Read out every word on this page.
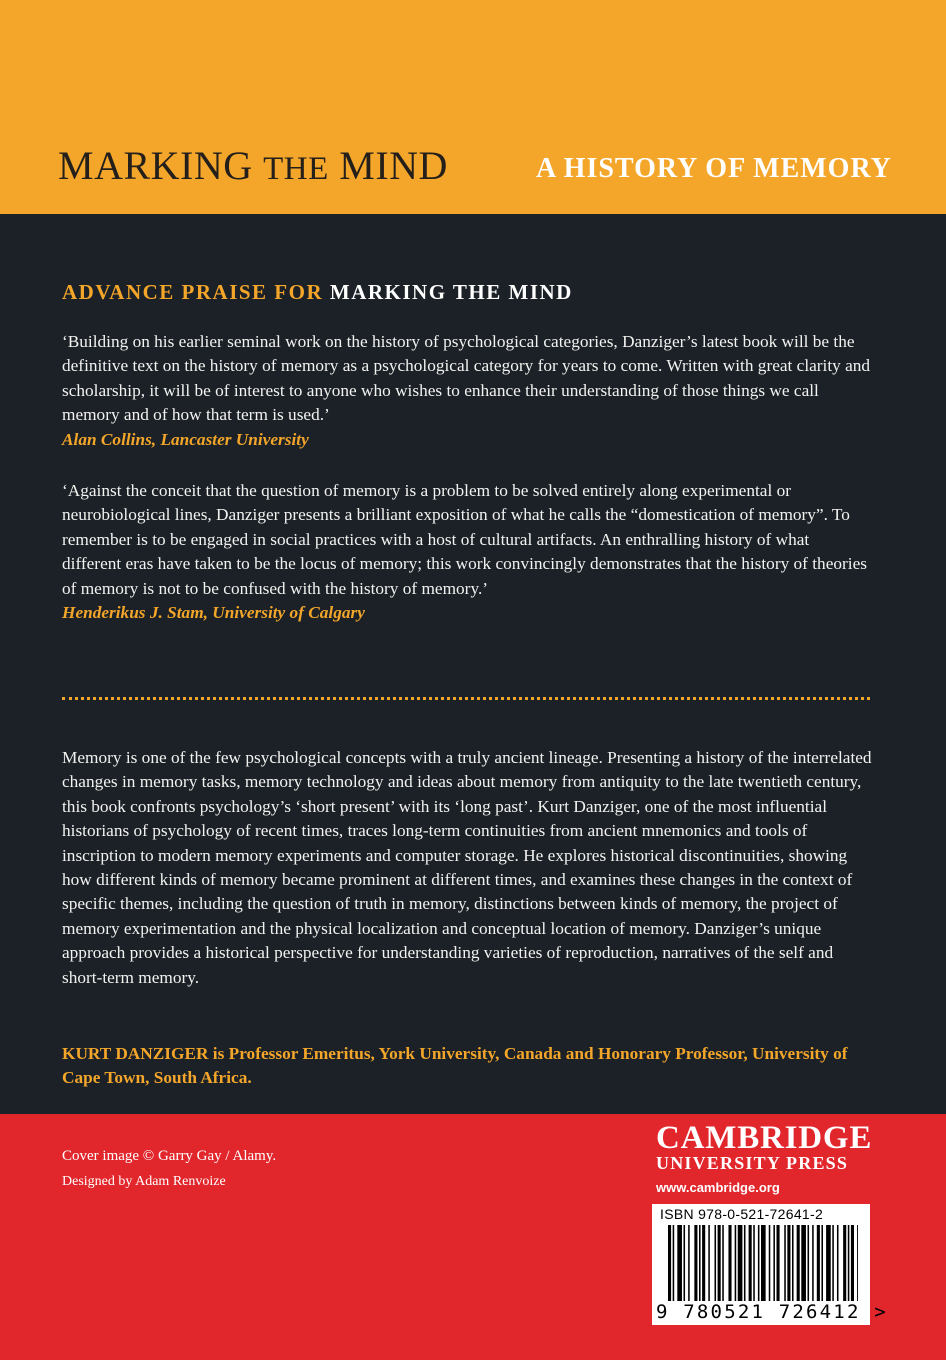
MARKING THE MIND	A HISTORY OF MEMORY
ADVANCE PRAISE FOR MARKING THE MIND

‘Building on his earlier seminal work on the history of psychological categories, Danziger’s latest book will be the definitive text on the history of memory as a psychological category for years to come. Written with great clarity and scholarship, it will be of interest to anyone who wishes to enhance their understanding of those things we call memory and of how that term is used.’

Alan Collins, Lancaster University

‘Against the conceit that the question of memory is a problem to be solved entirely along experimental or neurobiological lines, Danziger presents a brilliant exposition of what he calls the “domestication of memory”. To remember is to be engaged in social practices with a host of cultural artifacts. An enthralling history of what different eras have taken to be the locus of memory; this work convincingly demonstrates that the history of theories of memory is not to be confused with the history of memory.’

Henderikus J. Stam, University of Calgary

Memory is one of the few psychological concepts with a truly ancient lineage. Presenting a history of the interrelated changes in memory tasks, memory technology and ideas about memory from antiquity to the late twentieth century, this book confronts psychology’s ‘short present’ with its ‘long past’. Kurt Danziger, one of the most influential historians of psychology of recent times, traces long-term continuities from ancient mnemonics and tools of inscription to modern memory experiments and computer storage. He explores historical discontinuities, showing how different kinds of memory became prominent at different times, and examines these changes in the context of specific themes, including the question of truth in memory, distinctions between kinds of memory, the project of memory experimentation and the physical localization and conceptual location of memory. Danziger’s unique approach provides a historical perspective for understanding varieties of reproduction, narratives of the self and short-term memory.

KURT DANZIGER is Professor Emeritus, York University, Canada and Honorary Professor, University of Cape Town, South Africa.

Cover image © Garry Gay / Alamy.
Designed by Adam Renvoize
CAMBRIDGE
UNIVERSITY PRESS
www.cambridge.org
ISBN 978-0-521-72641-2
9 780521 726412 >
